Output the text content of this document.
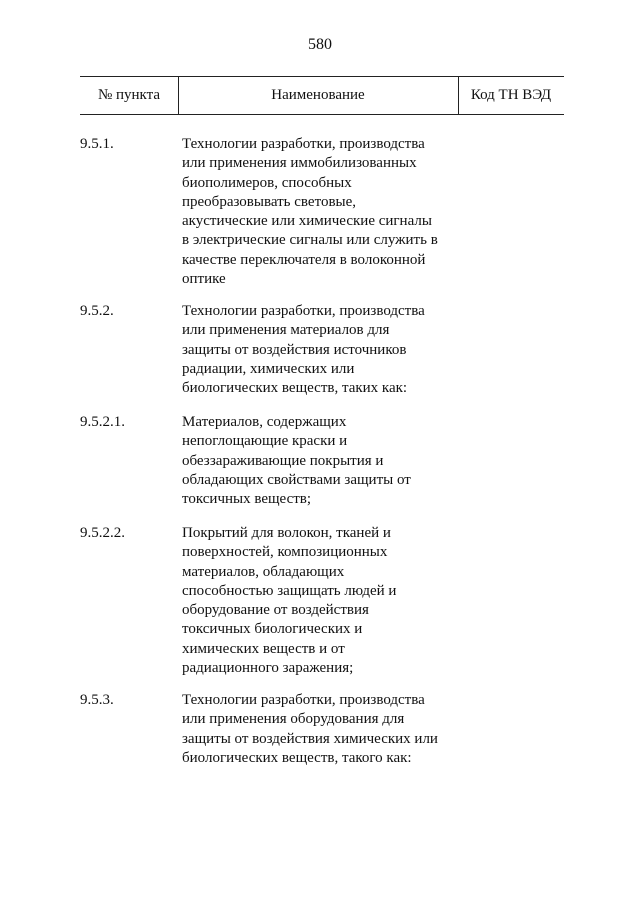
580
№ пункта	Наименование	Код ТН ВЭД
9.5.1.	Технологии разработки, производства
или применения иммобилизованных
биополимеров, способных
преобразовывать световые,
акустические или химические сигналы
в электрические сигналы или служить в
качестве переключателя в волоконной
оптике
9.5.2.	Технологии разработки, производства
или применения материалов для
защиты от воздействия источников
радиации, химических или
биологических веществ, таких как:
9.5.2.1.	Материалов, содержащих
непоглощающие краски и
обеззараживающие покрытия и
обладающих свойствами защиты от
токсичных веществ;
9.5.2.2.	Покрытий для волокон, тканей и
поверхностей, композиционных
материалов, обладающих
способностью защищать людей и
оборудование от воздействия
токсичных биологических и
химических веществ и от
радиационного заражения;
9.5.3.	Технологии разработки, производства
или применения оборудования для
защиты от воздействия химических или
биологических веществ, такого как:
